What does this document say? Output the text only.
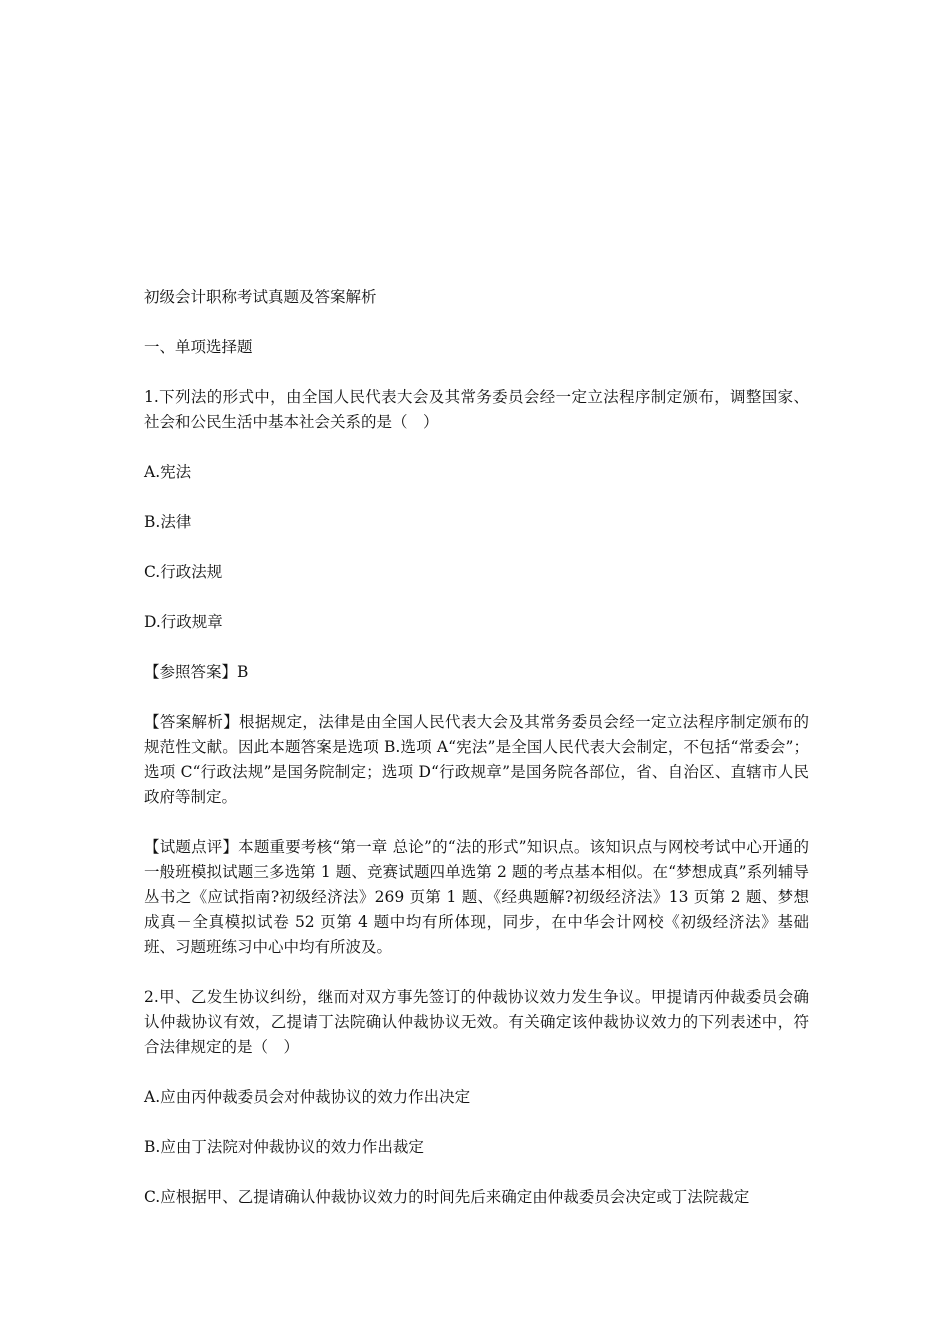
初级会计职称考试真题及答案解析

一、单项选择题

1.下列法的形式中，由全国人民代表大会及其常务委员会经一定立法程序制定颁布，调整国家、社会和公民生活中基本社会关系的是（　）

A.宪法

B.法律

C.行政法规

D.行政规章

【参照答案】B

【答案解析】根据规定，法律是由全国人民代表大会及其常务委员会经一定立法程序制定颁布的规范性文献。因此本题答案是选项 B.选项 A“宪法”是全国人民代表大会制定，不包括“常委会”；选项 C“行政法规”是国务院制定；选项 D“行政规章”是国务院各部位，省、自治区、直辖市人民政府等制定。

【试题点评】本题重要考核“第一章 总论”的“法的形式”知识点。该知识点与网校考试中心开通的一般班模拟试题三多选第 1 题、竞赛试题四单选第 2 题的考点基本相似。在“梦想成真”系列辅导丛书之《应试指南?初级经济法》269 页第 1 题、《经典题解?初级经济法》13 页第 2 题、梦想成真－全真模拟试卷 52 页第 4 题中均有所体现，同步，在中华会计网校《初级经济法》基础班、习题班练习中心中均有所波及。

2.甲、乙发生协议纠纷，继而对双方事先签订的仲裁协议效力发生争议。甲提请丙仲裁委员会确认仲裁协议有效，乙提请丁法院确认仲裁协议无效。有关确定该仲裁协议效力的下列表述中，符合法律规定的是（　）

A.应由丙仲裁委员会对仲裁协议的效力作出决定

B.应由丁法院对仲裁协议的效力作出裁定

C.应根据甲、乙提请确认仲裁协议效力的时间先后来确定由仲裁委员会决定或丁法院裁定
